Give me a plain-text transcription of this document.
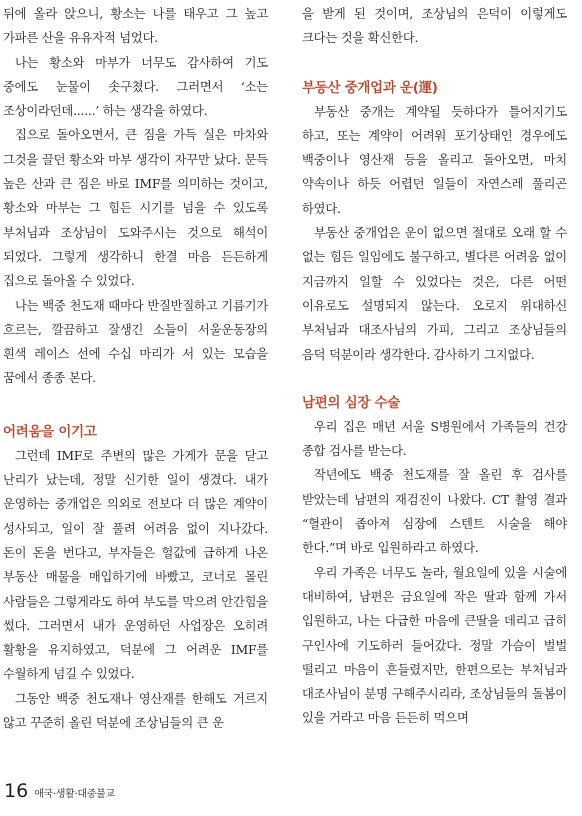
뒤에 올라 앉으니, 황소는 나를 태우고 그 높고 가파른 산을 유유자적 넘었다.

나는 황소와 마부가 너무도 감사하여 기도 중에도 눈물이 솟구쳤다. 그러면서 ‘소는 조상이라던데......’ 하는 생각을 하였다.

집으로 돌아오면서, 큰 짐을 가득 실은 마차와 그것을 끌던 황소와 마부 생각이 자꾸만 났다. 문득 높은 산과 큰 짐은 바로 IMF를 의미하는 것이고, 황소와 마부는 그 힘든 시기를 넘을 수 있도록 부처님과 조상님이 도와주시는 것으로 해석이 되었다. 그렇게 생각하니 한결 마음 든든하게 집으로 돌아올 수 있었다.

나는 백중 천도재 때마다 반질반질하고 기름기가 흐르는, 깔끔하고 잘생긴 소들이 서울운동장의 흰색 레이스 선에 수십 마리가 서 있는 모습을 꿈에서 종종 본다.

어려움을 이기고

그런데 IMF로 주변의 많은 가게가 문을 닫고 난리가 났는데, 정말 신기한 일이 생겼다. 내가 운영하는 중개업은 의외로 전보다 더 많은 계약이 성사되고, 일이 잘 풀려 어려움 없이 지나갔다. 돈이 돈을 번다고, 부자들은 헐값에 급하게 나온 부동산 매물을 매입하기에 바빴고, 코너로 몰린 사람들은 그렇게라도 하여 부도를 막으려 안간힘을 썼다. 그러면서 내가 운영하던 사업장은 오히려 활황을 유지하였고, 덕분에 그 어려운 IMF를 수월하게 넘길 수 있었다.

그동안 백중 천도재나 영산재를 한해도 거르지 않고 꾸준히 올린 덕분에 조상님들의 큰 운

을 받게 된 것이며, 조상님의 은덕이 이렇게도 크다는 것을 확신한다.

부동산 중개업과 운(運)

부동산 중개는 계약될 듯하다가 틀어지기도 하고, 또는 계약이 어려워 포기상태인 경우에도 백중이나 영산재 등을 올리고 돌아오면, 마치 약속이나 하듯 어렵던 일들이 자연스레 풀리곤 하였다.

부동산 중개업은 운이 없으면 절대로 오래 할 수 없는 힘든 일임에도 불구하고, 별다른 어려움 없이 지금까지 일할 수 있었다는 것은, 다른 어떤 이유로도 설명되지 않는다. 오로지 위대하신 부처님과 대조사님의 가피, 그리고 조상님들의 음덕 덕분이라 생각한다. 감사하기 그지없다.

남편의 심장 수술

우리 집은 매년 서울 S병원에서 가족들의 건강 종합 검사를 받는다.

작년에도 백중 천도재를 잘 올린 후 검사를 받았는데 남편의 재검진이 나왔다. CT 촬영 결과 “혈관이 좁아져 심장에 스텐트 시술을 해야 한다.”며 바로 입원하라고 하였다.

우리 가족은 너무도 놀라, 월요일에 있을 시술에 대비하여, 남편은 금요일에 작은 딸과 함께 가서 입원하고, 나는 다급한 마음에 큰딸을 데리고 급히 구인사에 기도하러 들어갔다. 정말 가슴이 벌벌 떨리고 마음이 흔들렸지만, 한편으로는 부처님과 대조사님이 분명 구해주시리라, 조상님들의 돌봄이 있을 거라고 마음 든든히 먹으며

16 애국·생활·대중불교
